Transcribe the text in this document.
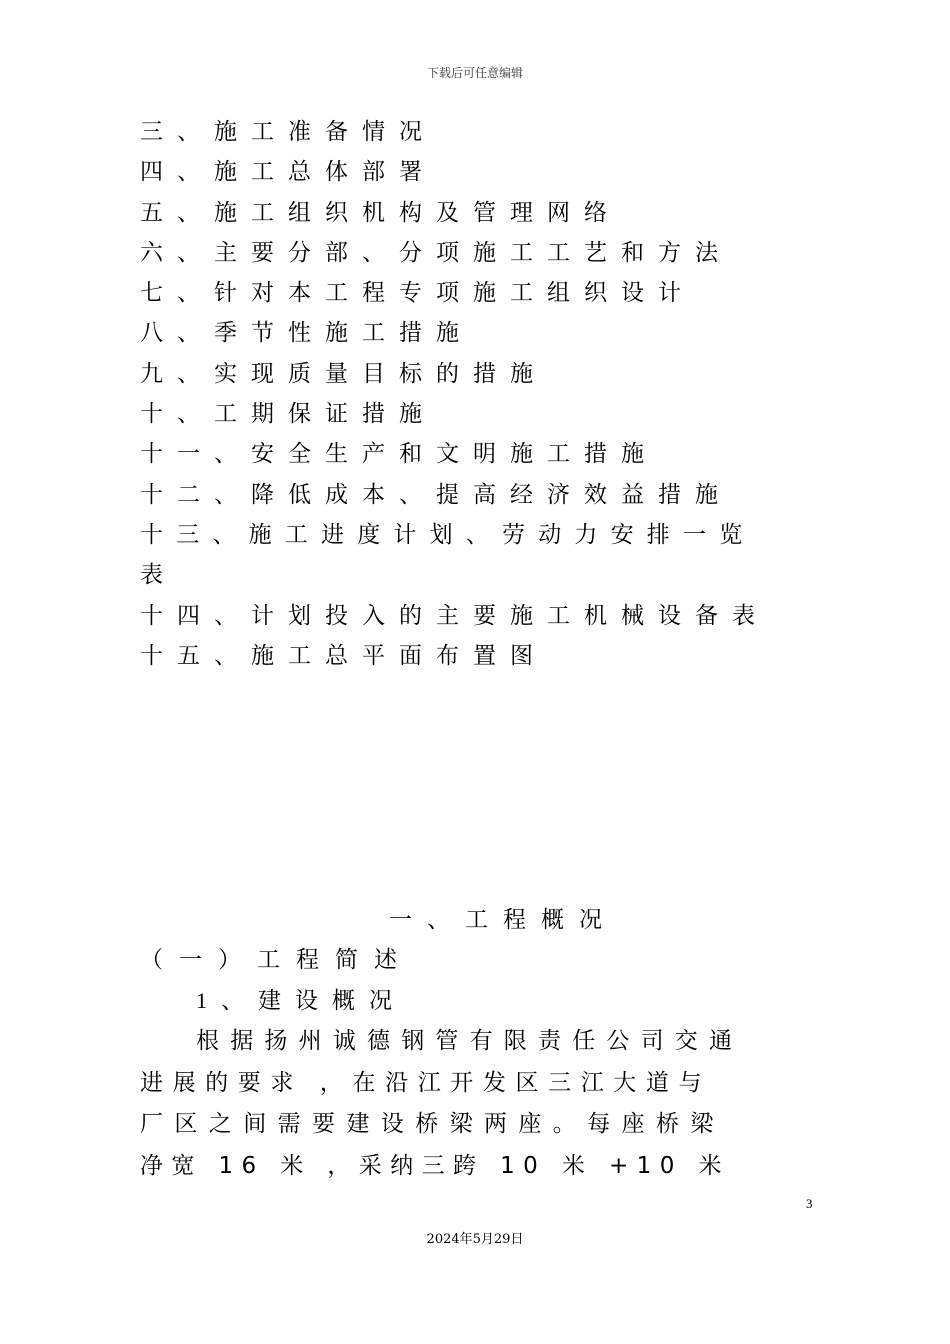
下载后可任意编辑
三、施工准备情况
四、施工总体部署
五、施工组织机构及管理网络
六、主要分部、分项施工工艺和方法
七、针对本工程专项施工组织设计
八、季节性施工措施
九、实现质量目标的措施
十、工期保证措施
十一、安全生产和文明施工措施
十二、降低成本、提高经济效益措施
十三、施工进度计划、劳动力安排一览
表
十四、计划投入的主要施工机械设备表
十五、施工总平面布置图
一、工程概况
（一）工程简述
1、建设概况
根据扬州诚德钢管有限责任公司交通
进展的要求 ，在沿江开发区三江大道与
厂区之间需要建设桥梁两座。每座桥梁
净宽 16 米 ，采纳三跨 10 米 +10 米
3
2024年5月29日
